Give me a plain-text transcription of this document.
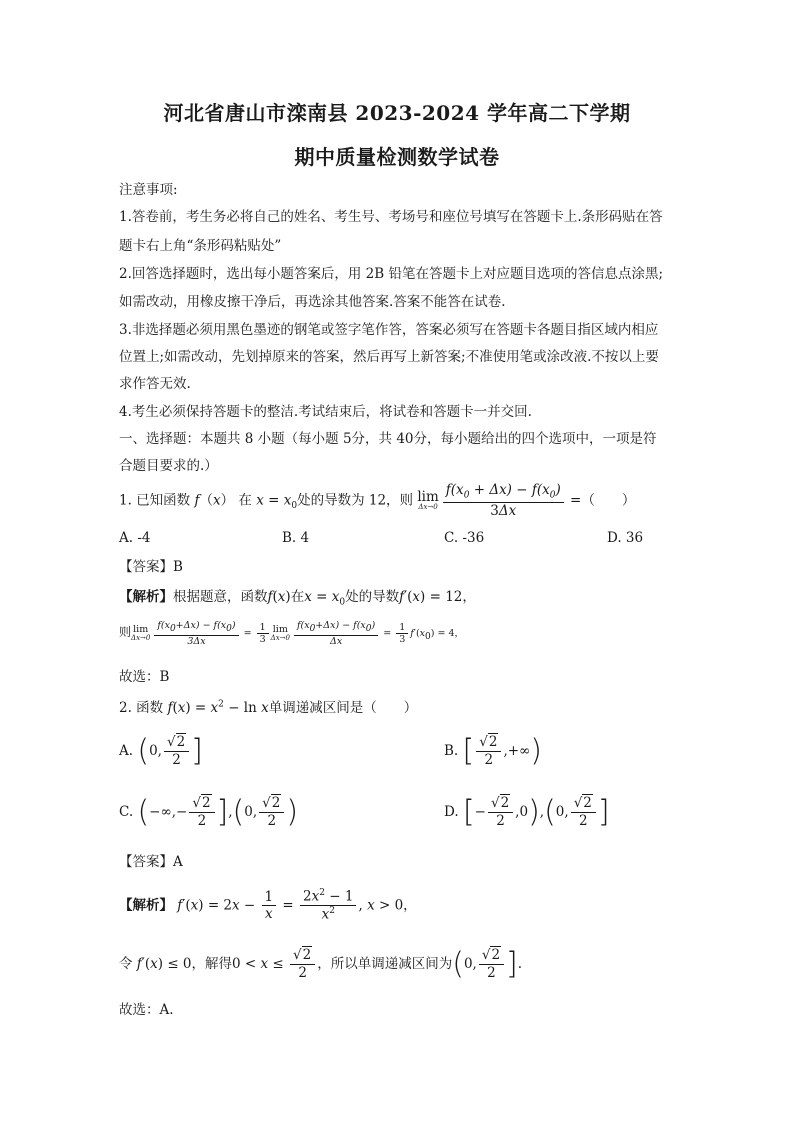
河北省唐山市滦南县 2023-2024 学年高二下学期
期中质量检测数学试卷
注意事项:
1.答卷前，考生务必将自己的姓名、考生号、考场号和座位号填写在答题卡上.条形码贴在答
题卡右上角“条形码粘贴处”
2.回答选择题时，选出每小题答案后，用 2B 铅笔在答题卡上对应题目选项的答信息点涂黑;
如需改动，用橡皮擦干净后，再选涂其他答案.答案不能答在试卷.
3.非选择题必须用黑色墨迹的钢笔或签字笔作答，答案必须写在答题卡各题目指区域内相应
位置上;如需改动，先划掉原来的答案，然后再写上新答案;不准使用笔或涂改液.不按以上要
求作答无效.
4.考生必须保持答题卡的整洁.考试结束后，将试卷和答题卡一并交回.
一、选择题：本题共 8 小题（每小题 5分，共 40分，每小题给出的四个选项中，一项是符
合题目要求的.）
1. 已知函数 f（x） 在 $x = x_0$处的导数为 12，则 lim
$\Delta x\to 0 \frac{f(x_0 + \Delta x) - f(x_0)}{3\Delta x}$ =（　　）
A. -4	B. 4	C. -36	D. 36
【答案】B
【解析】根据题意，函数f(x)在$x = x_0$处的导数f′(x) = 12，
则 lim
$\Delta x\to 0 \frac{f(x_0+\Delta x) - f(x_0)}{3\Delta x} = \frac{1}{3}$ lim
$\Delta x\to 0 \frac{f(x_0+\Delta x) - f(x_0)}{\Delta x} = \frac{1}{3} f'(x_0) = 4$，
故选：B
2. 函数 $f(x) = x^2 - \ln x$单调递减区间是（　　）
A. (0, $\frac{√2}{2}$ ]	B. [ $\frac{√2}{2}$ ,+∞)
C. (−∞,− $\frac{√2}{2} ],(0$, $\frac{√2}{2}$ )	D. [− $\frac{√2}{2} ,0),(0$, $\frac{√2}{2}$ ]
【答案】A
【解析】 $f'(x) = 2x - \frac{1}{x} = \frac{2x^2 - 1}{x^2}$ , x > 0，
令 f′(x) ≤ 0，解得$0 < x \le \frac{√2}{2}$ ，所以单调递减区间为(0, $\frac{√2}{2}$ ].
故选：A.
